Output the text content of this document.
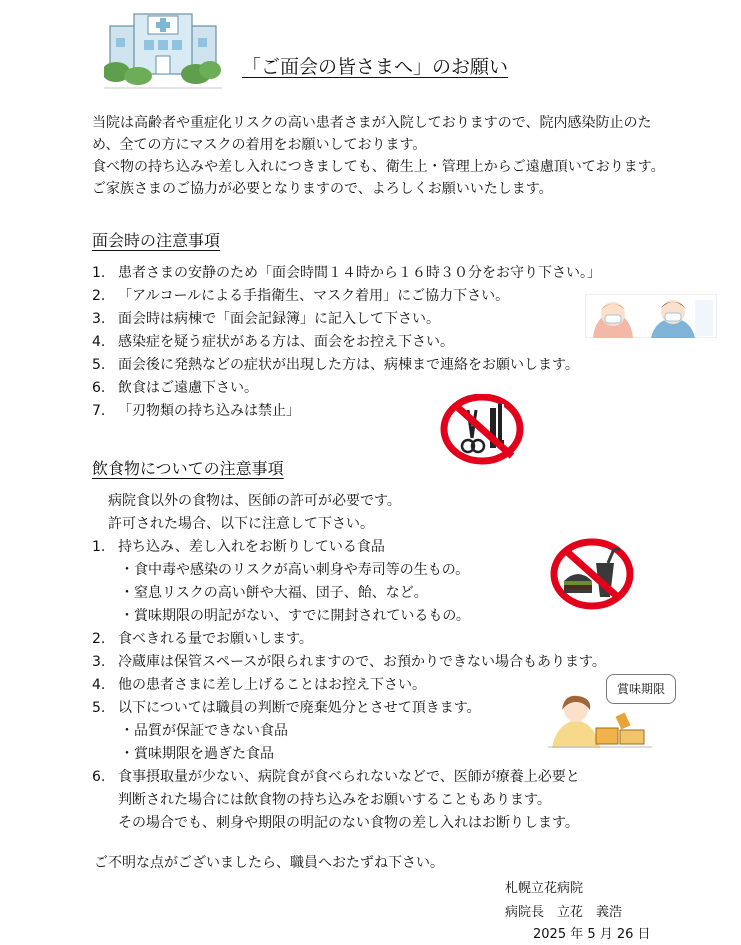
「ご面会の皆さまへ」のお願い
当院は高齢者や重症化リスクの高い患者さまが入院しておりますので、院内感染防止のため、全ての方にマスクの着用をお願いしております。
食べ物の持ち込みや差し入れにつきましても、衛生上・管理上からご遠慮頂いております。ご家族さまのご協力が必要となりますので、よろしくお願いいたします。
面会時の注意事項
1. 患者さまの安静のため「面会時間１４時から１６時３０分をお守り下さい。」
2. 「アルコールによる手指衛生、マスク着用」にご協力下さい。
3. 面会時は病棟で「面会記録簿」に記入して下さい。
4. 感染症を疑う症状がある方は、面会をお控え下さい。
5. 面会後に発熱などの症状が出現した方は、病棟まで連絡をお願いします。
6. 飲食はご遠慮下さい。
7. 「刃物類の持ち込みは禁止」
飲食物についての注意事項
病院食以外の食物は、医師の許可が必要です。
許可された場合、以下に注意して下さい。
1. 持ち込み、差し入れをお断りしている食品
・食中毒や感染のリスクが高い刺身や寿司等の生もの。
・窒息リスクの高い餅や大福、団子、飴、など。
・賞味期限の明記がない、すでに開封されているもの。
2. 食べきれる量でお願いします。
3. 冷蔵庫は保管スペースが限られますので、お預かりできない場合もあります。
4. 他の患者さまに差し上げることはお控え下さい。
5. 以下については職員の判断で廃棄処分とさせて頂きます。
・品質が保証できない食品
・賞味期限を過ぎた食品
賞味期限
6. 食事摂取量が少ない、病院食が食べられないなどで、医師が療養上必要と
判断された場合には飲食物の持ち込みをお願いすることもあります。
その場合でも、刺身や期限の明記のない食物の差し入れはお断りします。
ご不明な点がございましたら、職員へおたずね下さい。
札幌立花病院
病院長　立花　義浩
2025 年 5 月 26 日
